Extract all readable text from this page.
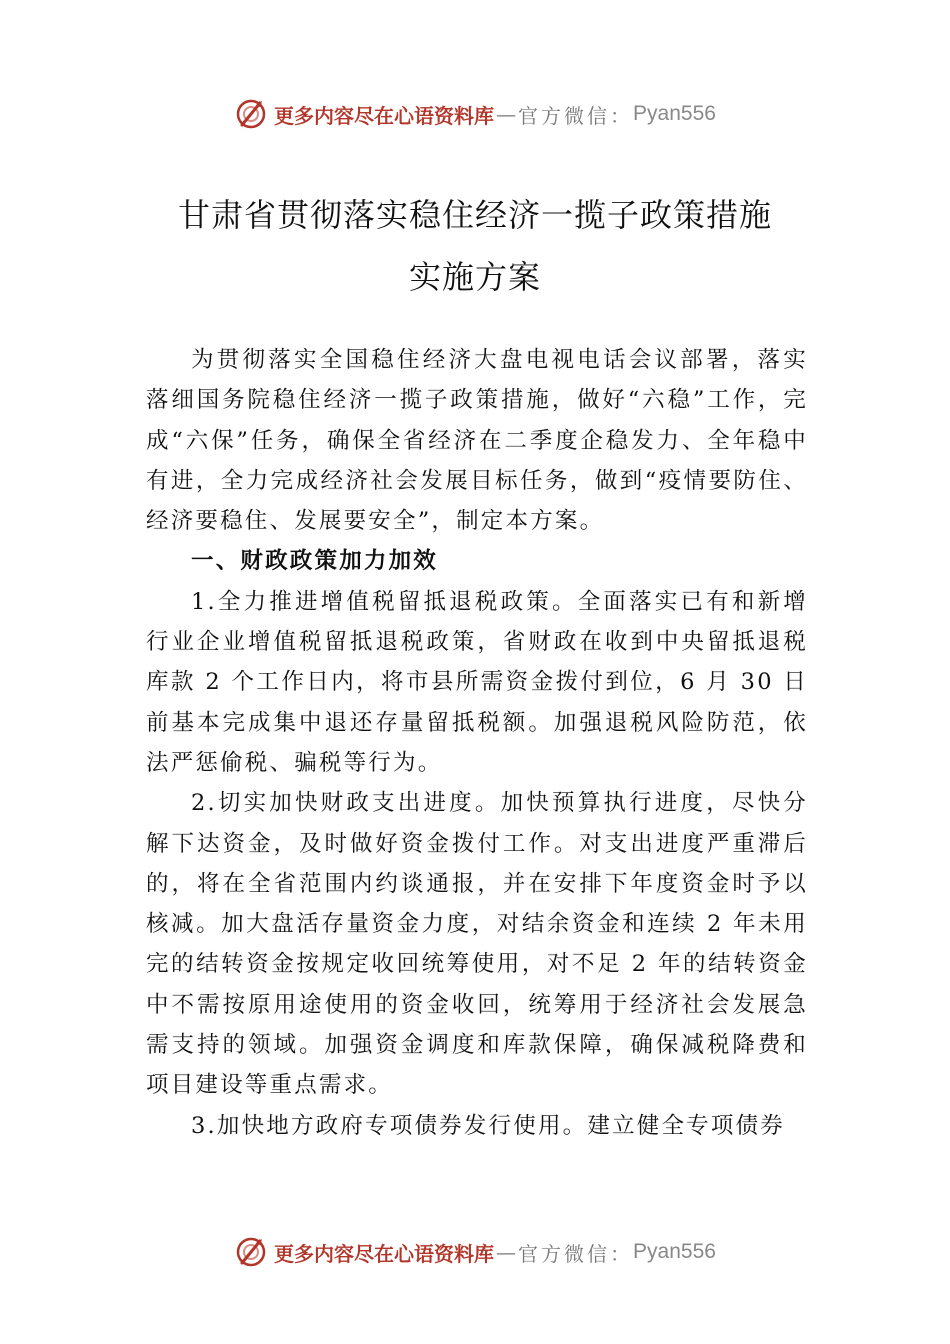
更多内容尽在心语资料库 — 官方微信： Pyan556
甘肃省贯彻落实稳住经济一揽子政策措施
实施方案

为贯彻落实全国稳住经济大盘电视电话会议部署，落实落细国务院稳住经济一揽子政策措施，做好“六稳”工作，完成“六保”任务，确保全省经济在二季度企稳发力、全年稳中有进，全力完成经济社会发展目标任务，做到“疫情要防住、经济要稳住、发展要安全”，制定本方案。

一、财政政策加力加效

1.全力推进增值税留抵退税政策。全面落实已有和新增行业企业增值税留抵退税政策，省财政在收到中央留抵退税库款 2 个工作日内，将市县所需资金拨付到位，6 月 30 日前基本完成集中退还存量留抵税额。加强退税风险防范，依法严惩偷税、骗税等行为。

2.切实加快财政支出进度。加快预算执行进度，尽快分解下达资金，及时做好资金拨付工作。对支出进度严重滞后的，将在全省范围内约谈通报，并在安排下年度资金时予以核减。加大盘活存量资金力度，对结余资金和连续 2 年未用完的结转资金按规定收回统筹使用，对不足 2 年的结转资金中不需按原用途使用的资金收回，统筹用于经济社会发展急需支持的领域。加强资金调度和库款保障，确保减税降费和项目建设等重点需求。

3.加快地方政府专项债券发行使用。建立健全专项债券

更多内容尽在心语资料库 — 官方微信： Pyan556
